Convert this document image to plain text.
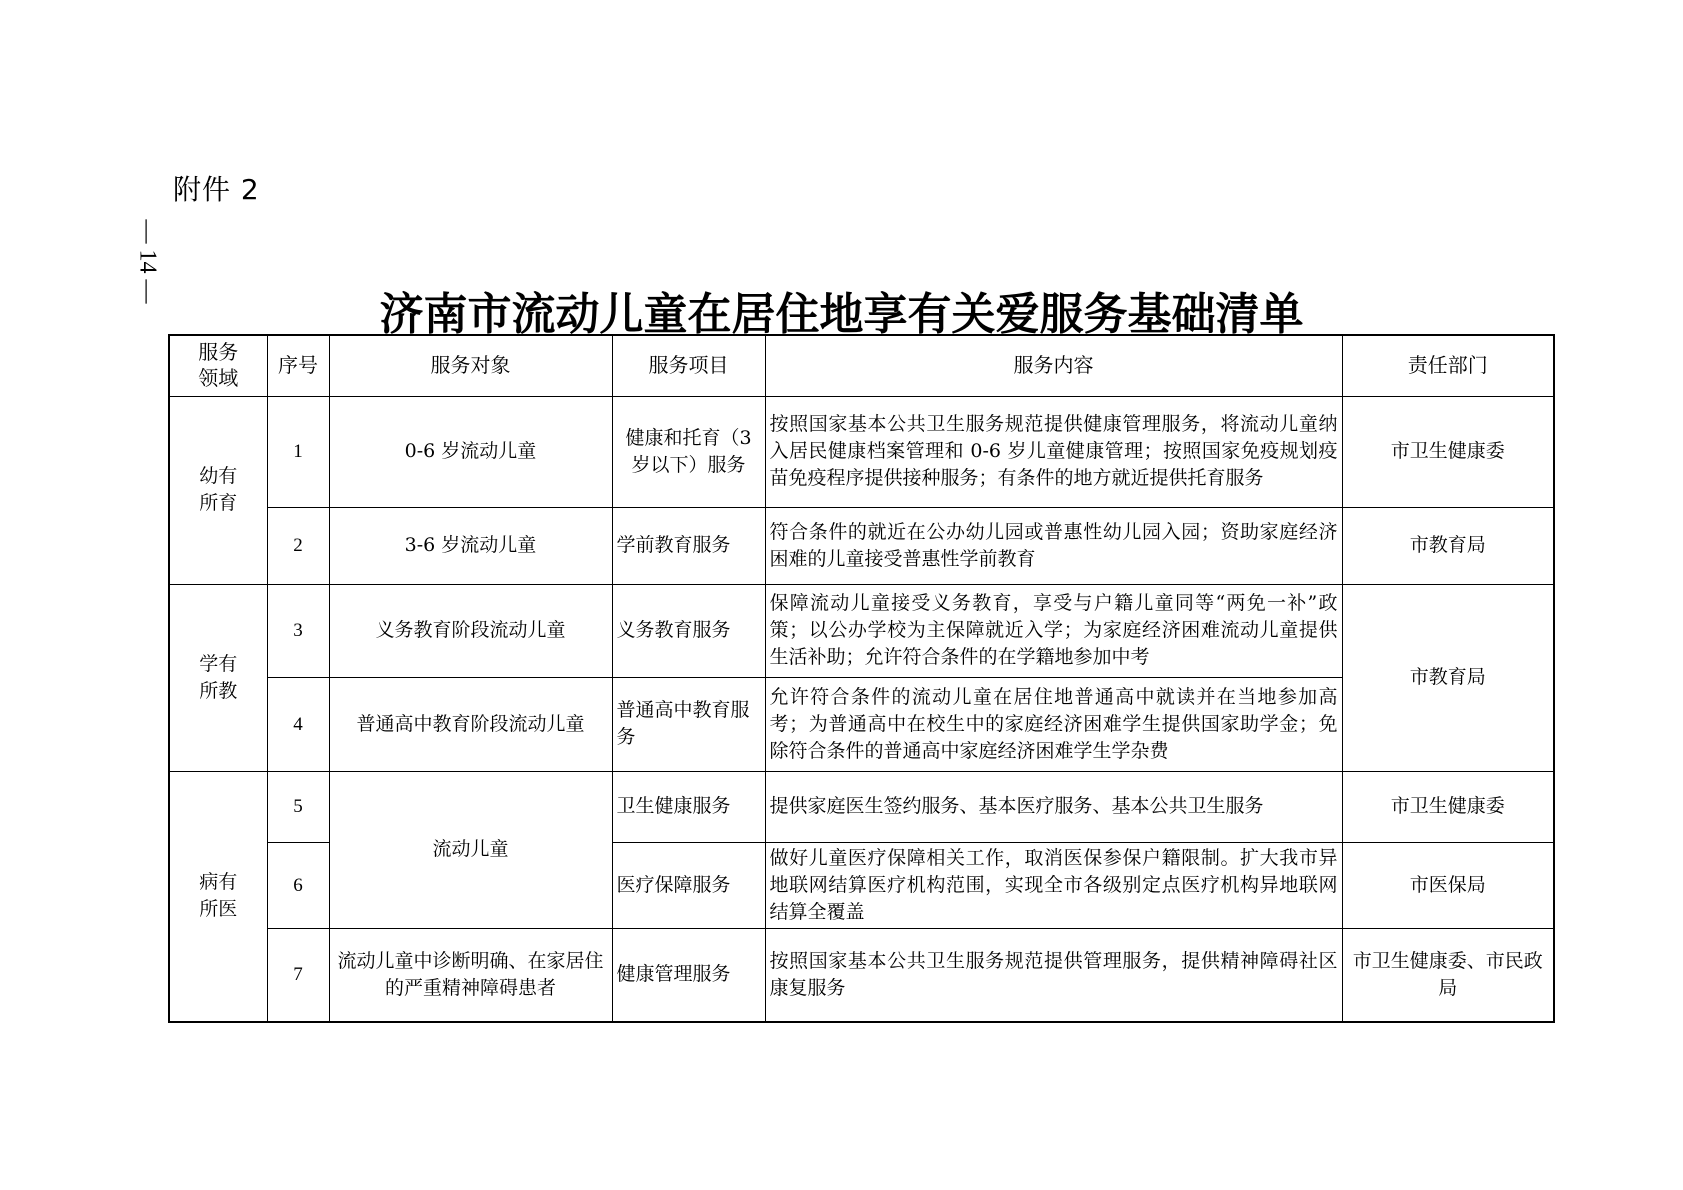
附件 2
— 14 —
济南市流动儿童在居住地享有关爱服务基础清单
服务领域	序号	服务对象	服务项目	服务内容	责任部门
幼有所育	1	0-6 岁流动儿童	健康和托育（3 岁以下）服务	按照国家基本公共卫生服务规范提供健康管理服务，将流动儿童纳入居民健康档案管理和 0-6 岁儿童健康管理；按照国家免疫规划疫苗免疫程序提供接种服务；有条件的地方就近提供托育服务	市卫生健康委
	2	3-6 岁流动儿童	学前教育服务	符合条件的就近在公办幼儿园或普惠性幼儿园入园；资助家庭经济困难的儿童接受普惠性学前教育	市教育局
学有所教	3	义务教育阶段流动儿童	义务教育服务	保障流动儿童接受义务教育，享受与户籍儿童同等“两免一补”政策；以公办学校为主保障就近入学；为家庭经济困难流动儿童提供生活补助；允许符合条件的在学籍地参加中考	市教育局
	4	普通高中教育阶段流动儿童	普通高中教育服务	允许符合条件的流动儿童在居住地普通高中就读并在当地参加高考；为普通高中在校生中的家庭经济困难学生提供国家助学金；免除符合条件的普通高中家庭经济困难学生学杂费	
病有所医	5	流动儿童	卫生健康服务	提供家庭医生签约服务、基本医疗服务、基本公共卫生服务	市卫生健康委
	6		医疗保障服务	做好儿童医疗保障相关工作，取消医保参保户籍限制。扩大我市异地联网结算医疗机构范围，实现全市各级别定点医疗机构异地联网结算全覆盖	市医保局
	7	流动儿童中诊断明确、在家居住的严重精神障碍患者	健康管理服务	按照国家基本公共卫生服务规范提供管理服务，提供精神障碍社区康复服务	市卫生健康委、市民政局
